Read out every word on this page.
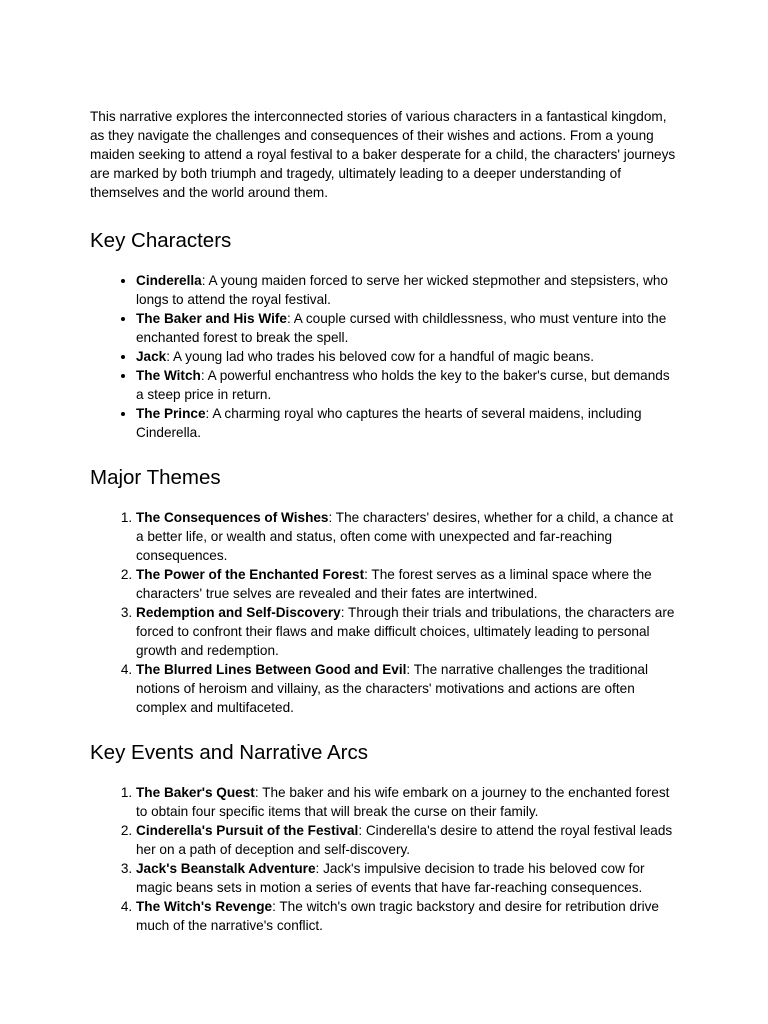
This narrative explores the interconnected stories of various characters in a fantastical kingdom, as they navigate the challenges and consequences of their wishes and actions. From a young maiden seeking to attend a royal festival to a baker desperate for a child, the characters' journeys are marked by both triumph and tragedy, ultimately leading to a deeper understanding of themselves and the world around them.

Key Characters
• Cinderella: A young maiden forced to serve her wicked stepmother and stepsisters, who longs to attend the royal festival.
• The Baker and His Wife: A couple cursed with childlessness, who must venture into the enchanted forest to break the spell.
• Jack: A young lad who trades his beloved cow for a handful of magic beans.
• The Witch: A powerful enchantress who holds the key to the baker's curse, but demands a steep price in return.
• The Prince: A charming royal who captures the hearts of several maidens, including Cinderella.
Major Themes
1. The Consequences of Wishes: The characters' desires, whether for a child, a chance at a better life, or wealth and status, often come with unexpected and far-reaching consequences.
2. The Power of the Enchanted Forest: The forest serves as a liminal space where the characters' true selves are revealed and their fates are intertwined.
3. Redemption and Self-Discovery: Through their trials and tribulations, the characters are forced to confront their flaws and make difficult choices, ultimately leading to personal growth and redemption.
4. The Blurred Lines Between Good and Evil: The narrative challenges the traditional notions of heroism and villainy, as the characters' motivations and actions are often complex and multifaceted.
Key Events and Narrative Arcs
1. The Baker's Quest: The baker and his wife embark on a journey to the enchanted forest to obtain four specific items that will break the curse on their family.
2. Cinderella's Pursuit of the Festival: Cinderella's desire to attend the royal festival leads her on a path of deception and self-discovery.
3. Jack's Beanstalk Adventure: Jack's impulsive decision to trade his beloved cow for magic beans sets in motion a series of events that have far-reaching consequences.
4. The Witch's Revenge: The witch's own tragic backstory and desire for retribution drive much of the narrative's conflict.
